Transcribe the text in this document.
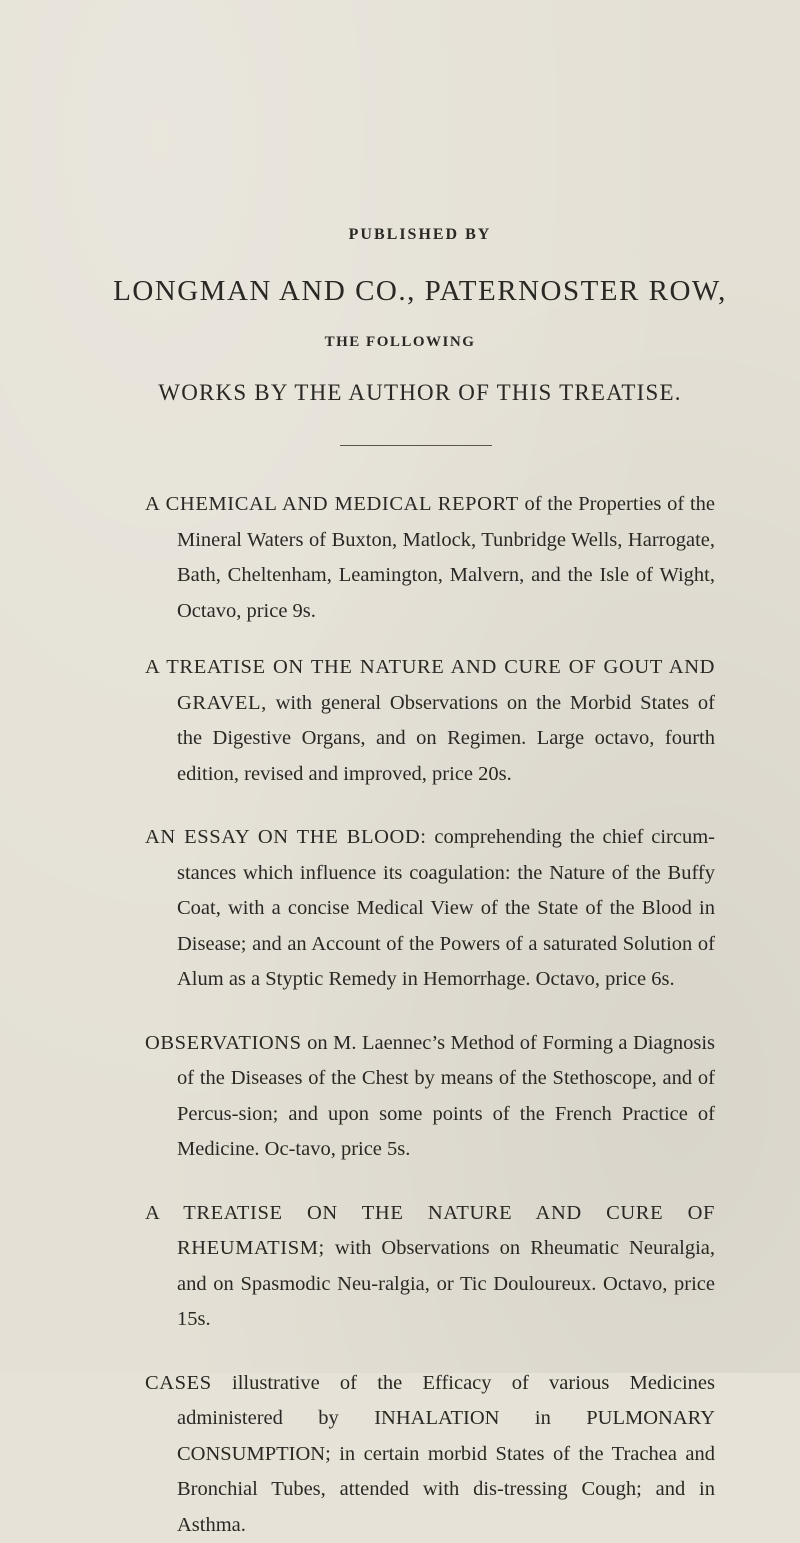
PUBLISHED BY
LONGMAN AND CO., PATERNOSTER ROW,
THE FOLLOWING
WORKS BY THE AUTHOR OF THIS TREATISE.

A CHEMICAL AND MEDICAL REPORT of the Properties of the Mineral Waters of Buxton, Matlock, Tunbridge Wells, Harrogate, Bath, Cheltenham, Leamington, Malvern, and the Isle of Wight, Octavo, price 9s.

A TREATISE ON THE NATURE AND CURE OF GOUT AND GRAVEL, with general Observations on the Morbid States of the Digestive Organs, and on Regimen. Large octavo, fourth edition, revised and improved, price 20s.

AN ESSAY ON THE BLOOD: comprehending the chief circum-stances which influence its coagulation: the Nature of the Buffy Coat, with a concise Medical View of the State of the Blood in Disease; and an Account of the Powers of a saturated Solution of Alum as a Styptic Remedy in Hemorrhage. Octavo, price 6s.

OBSERVATIONS on M. Laennec’s Method of Forming a Diagnosis of the Diseases of the Chest by means of the Stethoscope, and of Percus-sion; and upon some points of the French Practice of Medicine. Oc-tavo, price 5s.

A TREATISE ON THE NATURE AND CURE OF RHEUMATISM; with Observations on Rheumatic Neuralgia, and on Spasmodic Neu-ralgia, or Tic Douloureux. Octavo, price 15s.

CASES illustrative of the Efficacy of various Medicines administered by INHALATION in PULMONARY CONSUMPTION; in certain morbid States of the Trachea and Bronchial Tubes, attended with dis-tressing Cough; and in Asthma.
